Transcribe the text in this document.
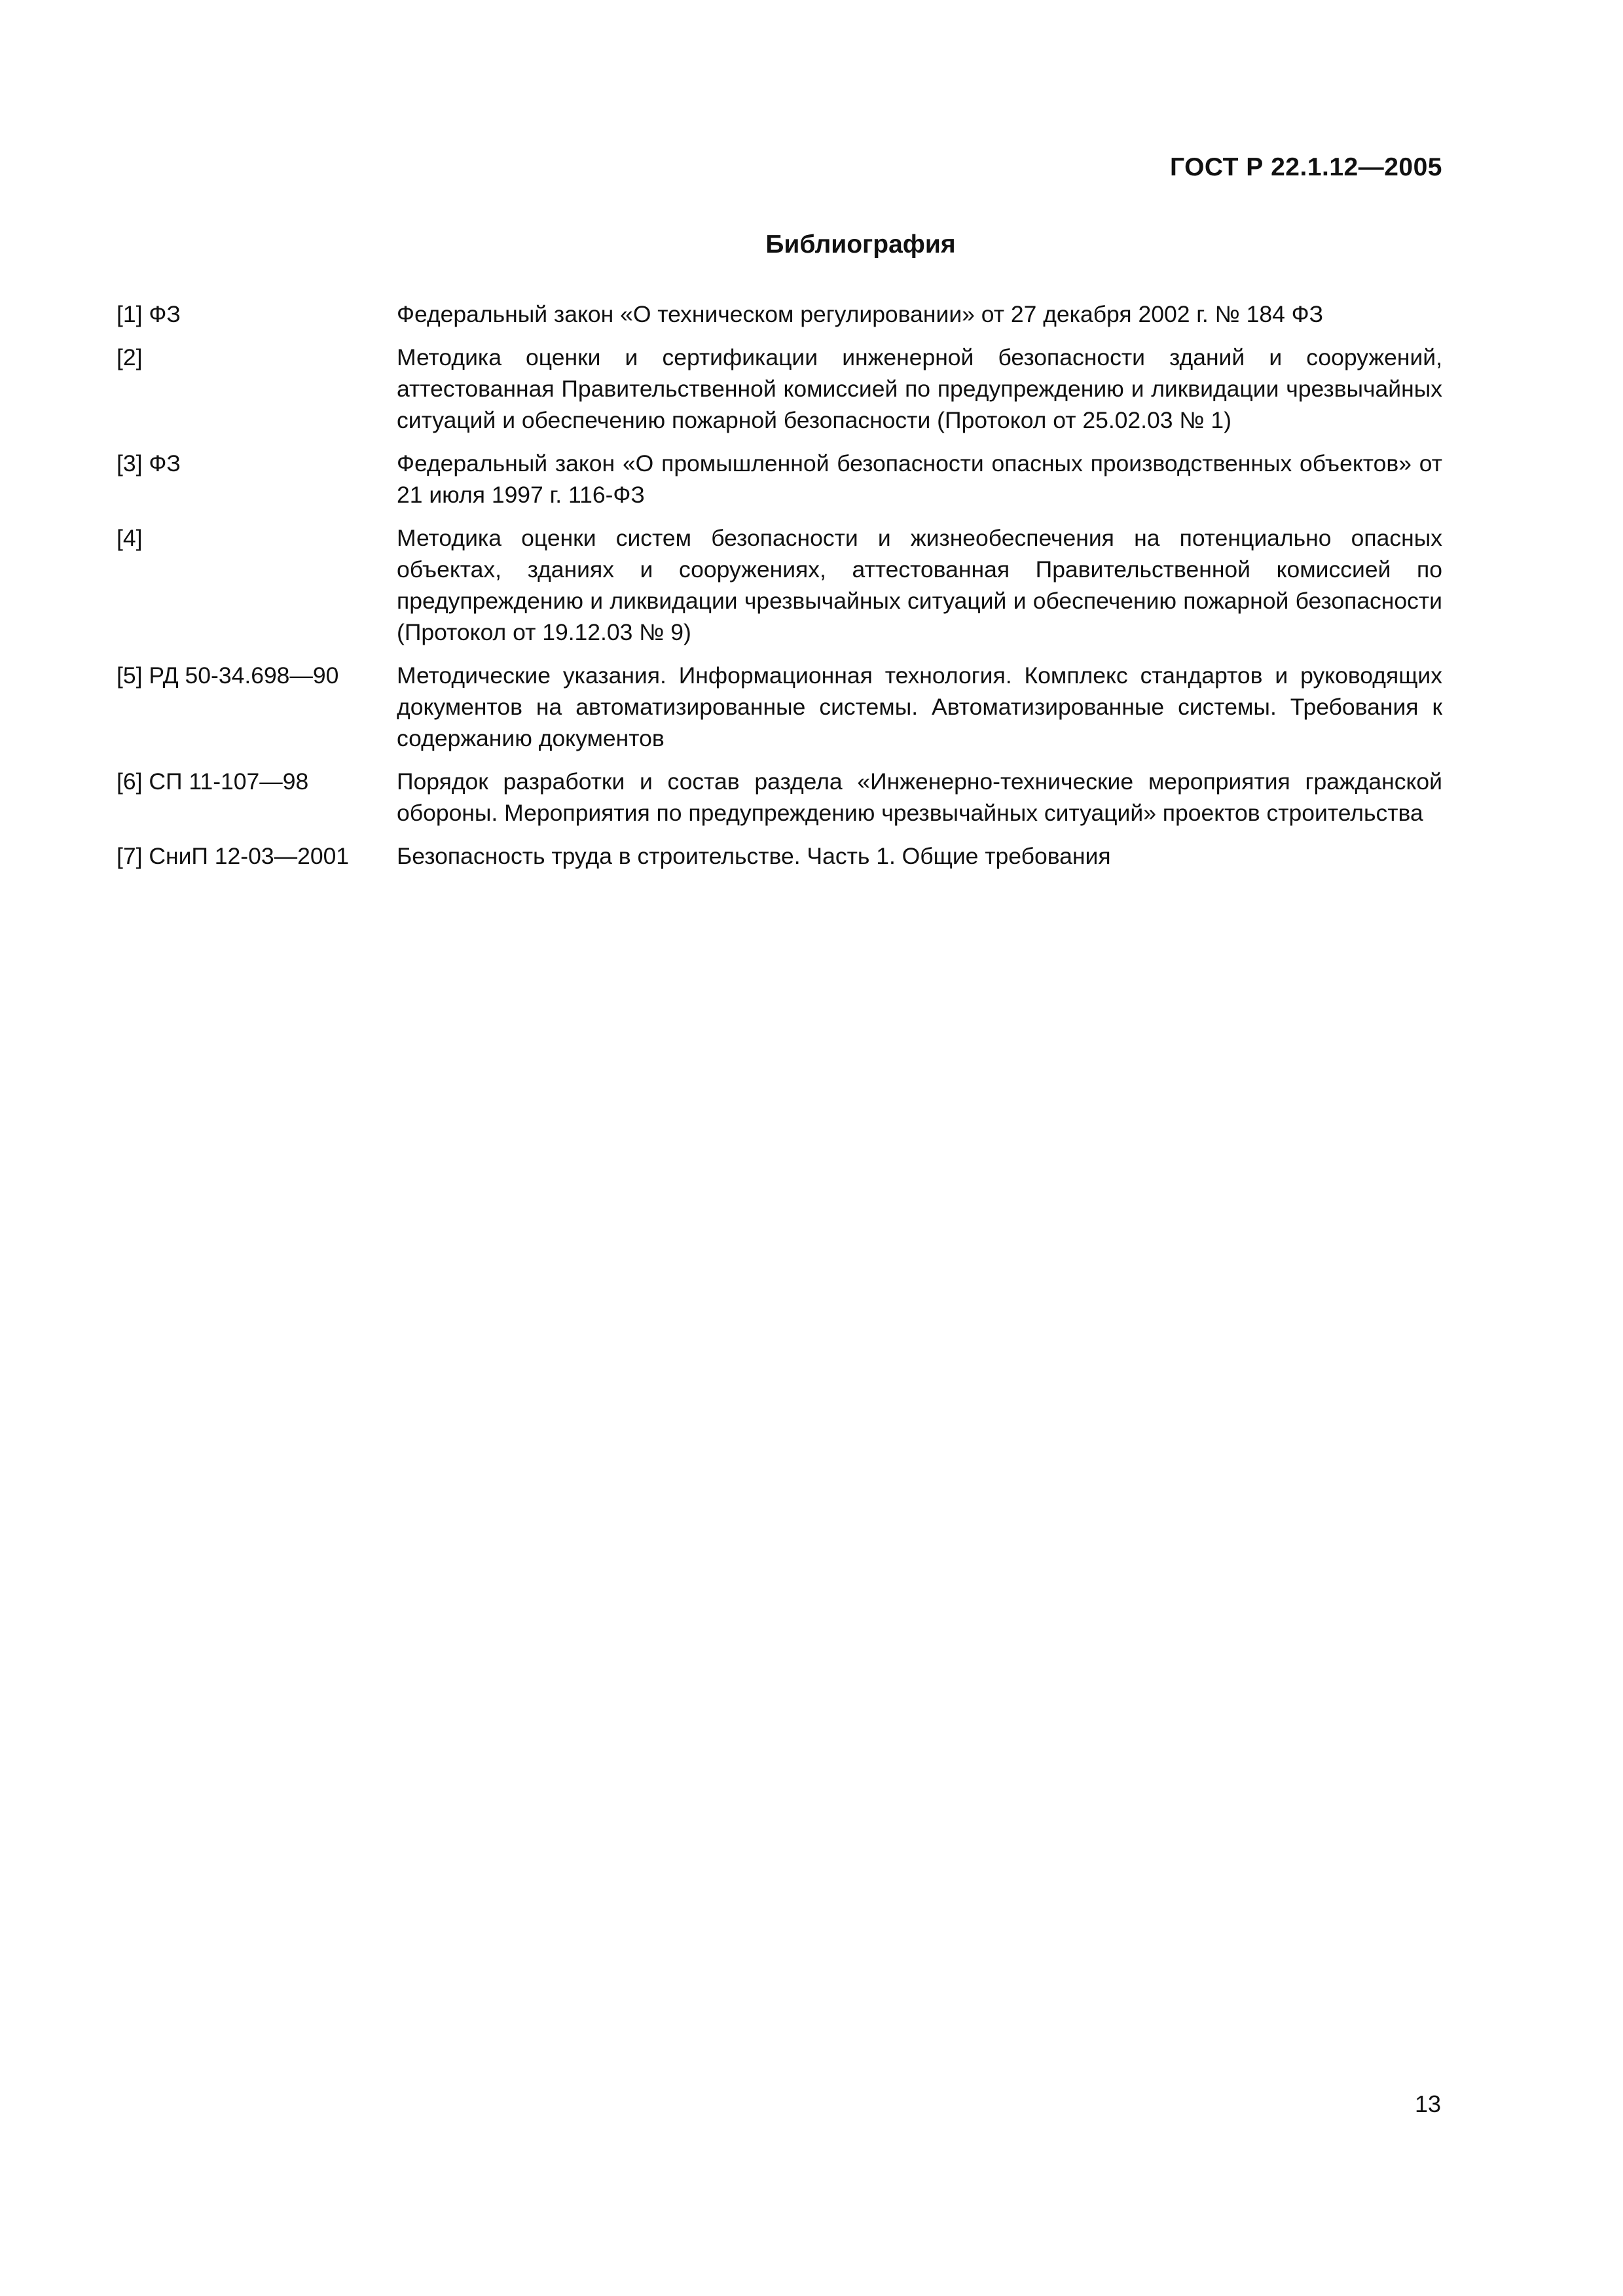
ГОСТ Р 22.1.12—2005

Библиография
[1] ФЗ	Федеральный закон «О техническом регулировании» от 27 декабря 2002 г. № 184 ФЗ
[2]	Методика оценки и сертификации инженерной безопасности зданий и сооружений, аттестованная Правительственной комиссией по предупреждению и ликвидации чрезвычайных ситуаций и обеспечению пожарной безопасности (Протокол от 25.02.03 № 1)
[3] ФЗ	Федеральный закон «О промышленной безопасности опасных производственных объектов» от 21 июля 1997 г. 116-ФЗ
[4]	Методика оценки систем безопасности и жизнеобеспечения на потенциально опасных объектах, зданиях и сооружениях, аттестованная Правительственной комиссией по предупреждению и ликвидации чрезвычайных ситуаций и обеспечению пожарной безопасности (Протокол от 19.12.03 № 9)
[5] РД 50-34.698—90	Методические указания. Информационная технология. Комплекс стандартов и руководящих документов на автоматизированные системы. Автоматизированные системы. Требования к содержанию документов
[6] СП 11-107—98	Порядок разработки и состав раздела «Инженерно-технические мероприятия гражданской обороны. Мероприятия по предупреждению чрезвычайных ситуаций» проектов строительства
[7] СниП 12-03—2001	Безопасность труда в строительстве. Часть 1. Общие требования

13
